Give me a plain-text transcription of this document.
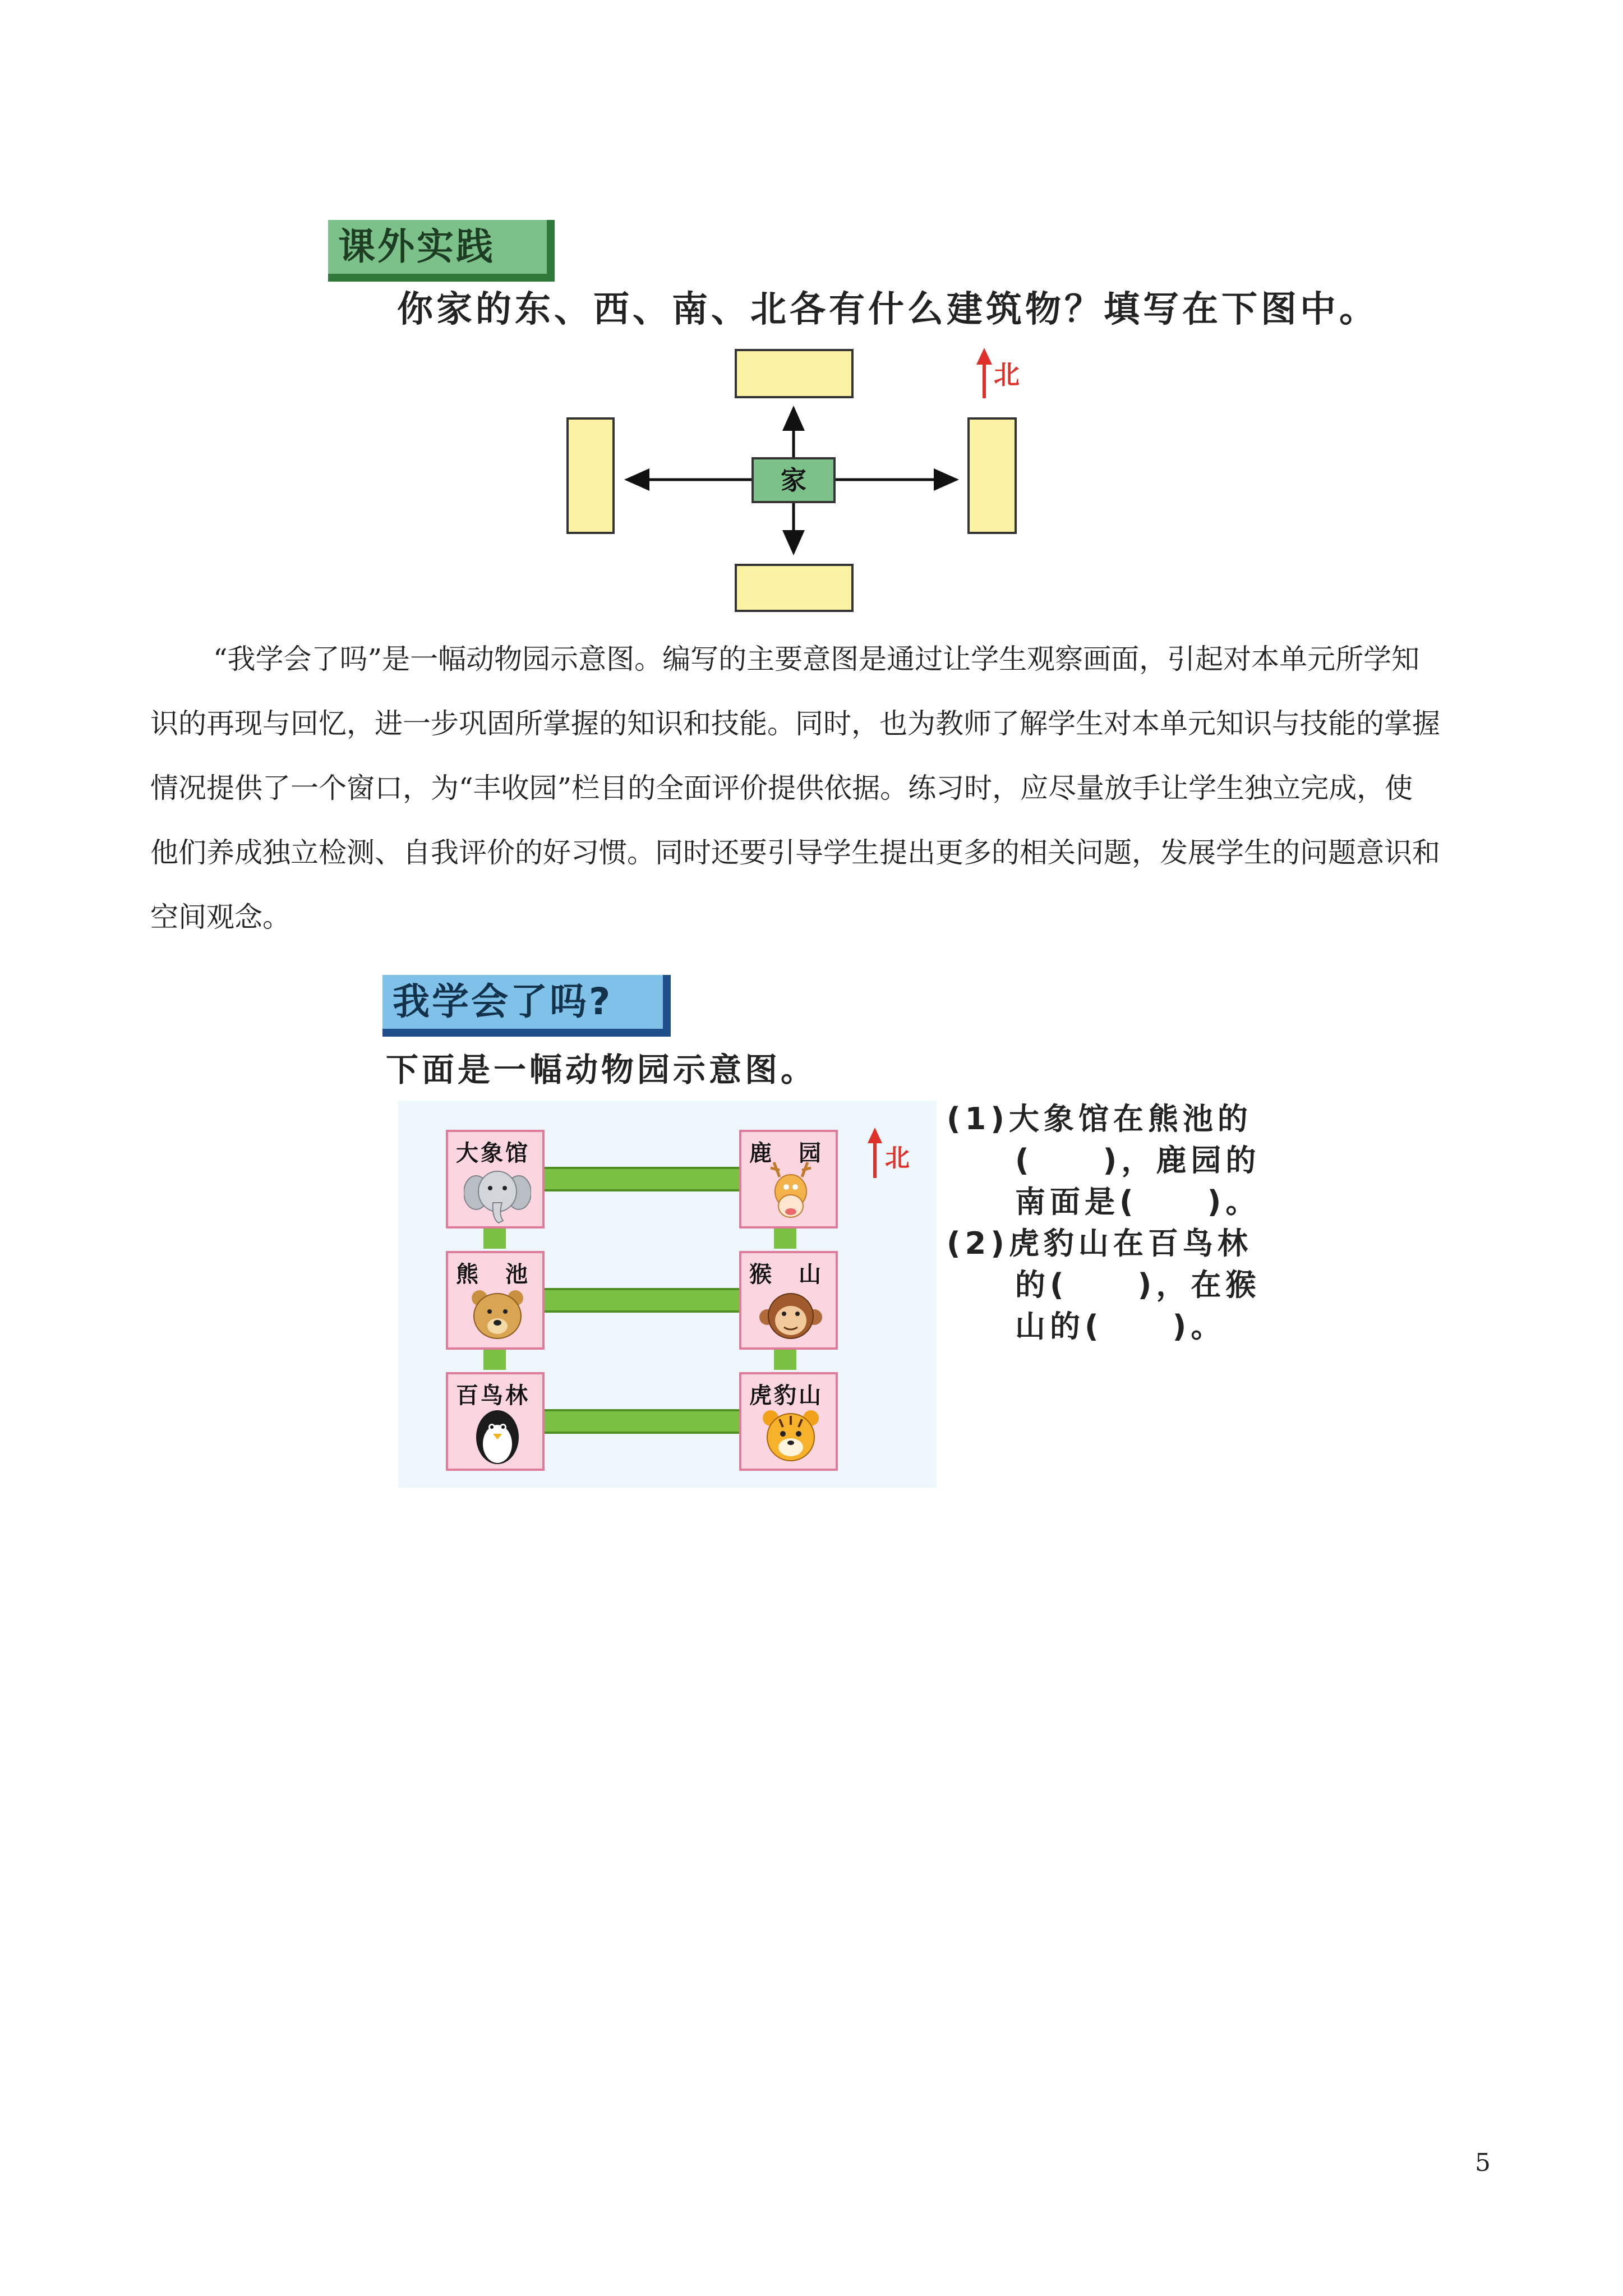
课外实践
你家的东、西、南、北各有什么建筑物？填写在下图中。
家
北
“我学会了吗”是一幅动物园示意图。编写的主要意图是通过让学生观察画面，引起对本单元所学知
识的再现与回忆，进一步巩固所掌握的知识和技能。同时，也为教师了解学生对本单元知识与技能的掌握
情况提供了一个窗口，为“丰收园”栏目的全面评价提供依据。练习时，应尽量放手让学生独立完成，使
他们养成独立检测、自我评价的好习惯。同时还要引导学生提出更多的相关问题，发展学生的问题意识和
空间观念。
我学会了吗?
下面是一幅动物园示意图。
北
大象馆	鹿　园
熊　池	猴　山
百鸟林	虎豹山
(1)大象馆在熊池的
(　　)，鹿园的
南面是(　　)。
(2)虎豹山在百鸟林
的(　　)，在猴
山的(　　)。
5
